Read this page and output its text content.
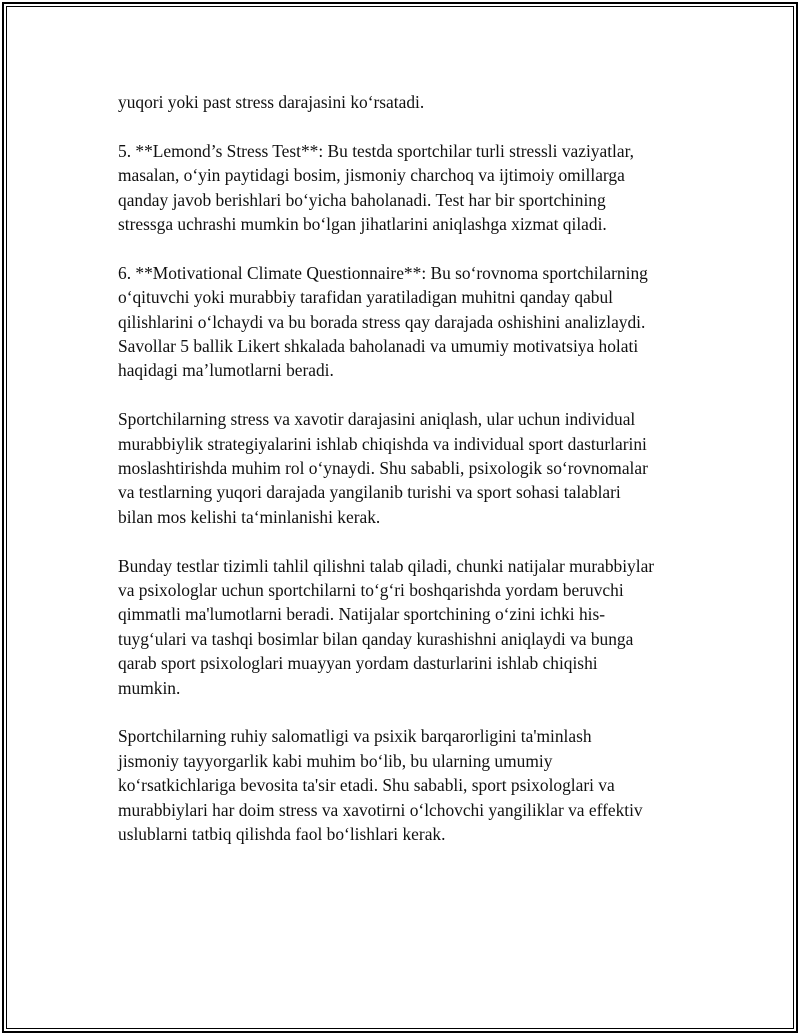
yuqori yoki past stress darajasini ko‘rsatadi.

5. **Lemond’s Stress Test**: Bu testda sportchilar turli stressli vaziyatlar,
masalan, o‘yin paytidagi bosim, jismoniy charchoq va ijtimoiy omillarga
qanday javob berishlari bo‘yicha baholanadi. Test har bir sportchining
stressga uchrashi mumkin bo‘lgan jihatlarini aniqlashga xizmat qiladi.

6. **Motivational Climate Questionnaire**: Bu so‘rovnoma sportchilarning
o‘qituvchi yoki murabbiy tarafidan yaratiladigan muhitni qanday qabul
qilishlarini o‘lchaydi va bu borada stress qay darajada oshishini analizlaydi.
Savollar 5 ballik Likert shkalada baholanadi va umumiy motivatsiya holati
haqidagi ma’lumotlarni beradi.

Sportchilarning stress va xavotir darajasini aniqlash, ular uchun individual
murabbiylik strategiyalarini ishlab chiqishda va individual sport dasturlarini
moslashtirishda muhim rol o‘ynaydi. Shu sababli, psixologik so‘rovnomalar
va testlarning yuqori darajada yangilanib turishi va sport sohasi talablari
bilan mos kelishi ta‘minlanishi kerak.

Bunday testlar tizimli tahlil qilishni talab qiladi, chunki natijalar murabbiylar
va psixologlar uchun sportchilarni to‘g‘ri boshqarishda yordam beruvchi
qimmatli ma'lumotlarni beradi. Natijalar sportchining o‘zini ichki his-
tuyg‘ulari va tashqi bosimlar bilan qanday kurashishni aniqlaydi va bunga
qarab sport psixologlari muayyan yordam dasturlarini ishlab chiqishi
mumkin.

Sportchilarning ruhiy salomatligi va psixik barqarorligini ta'minlash
jismoniy tayyorgarlik kabi muhim bo‘lib, bu ularning umumiy
ko‘rsatkichlariga bevosita ta'sir etadi. Shu sababli, sport psixologlari va
murabbiylari har doim stress va xavotirni o‘lchovchi yangiliklar va effektiv
uslublarni tatbiq qilishda faol bo‘lishlari kerak.
